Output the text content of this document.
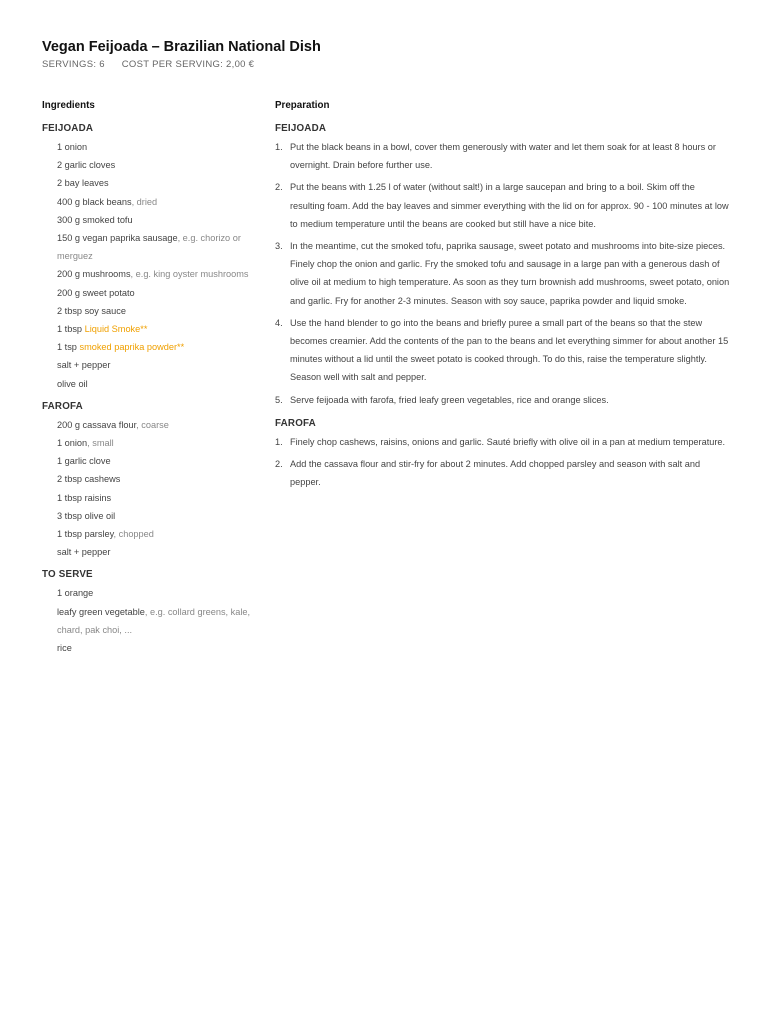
Vegan Feijoada – Brazilian National Dish
SERVINGS: 6 COST PER SERVING: 2,00 €
Ingredients
FEIJOADA
1 onion
2 garlic cloves
2 bay leaves
400 g black beans, dried
300 g smoked tofu
150 g vegan paprika sausage, e.g. chorizo or merguez
200 g mushrooms, e.g. king oyster mushrooms
200 g sweet potato
2 tbsp soy sauce
1 tbsp Liquid Smoke**
1 tsp smoked paprika powder**
salt + pepper
olive oil
FAROFA
200 g cassava flour, coarse
1 onion, small
1 garlic clove
2 tbsp cashews
1 tbsp raisins
3 tbsp olive oil
1 tbsp parsley, chopped
salt + pepper
TO SERVE
1 orange
leafy green vegetable, e.g. collard greens, kale, chard, pak choi, ...
rice
Preparation
FEIJOADA
1. Put the black beans in a bowl, cover them generously with water and let them soak for at least 8 hours or overnight. Drain before further use.
2. Put the beans with 1.25 l of water (without salt!) in a large saucepan and bring to a boil. Skim off the resulting foam. Add the bay leaves and simmer everything with the lid on for approx. 90 - 100 minutes at low to medium temperature until the beans are cooked but still have a nice bite.
3. In the meantime, cut the smoked tofu, paprika sausage, sweet potato and mushrooms into bite-size pieces. Finely chop the onion and garlic. Fry the smoked tofu and sausage in a large pan with a generous dash of olive oil at medium to high temperature. As soon as they turn brownish add mushrooms, sweet potato, onion and garlic. Fry for another 2-3 minutes. Season with soy sauce, paprika powder and liquid smoke.
4. Use the hand blender to go into the beans and briefly puree a small part of the beans so that the stew becomes creamier. Add the contents of the pan to the beans and let everything simmer for about another 15 minutes without a lid until the sweet potato is cooked through. To do this, raise the temperature slightly. Season well with salt and pepper.
5. Serve feijoada with farofa, fried leafy green vegetables, rice and orange slices.
FAROFA
1. Finely chop cashews, raisins, onions and garlic. Sauté briefly with olive oil in a pan at medium temperature.
2. Add the cassava flour and stir-fry for about 2 minutes. Add chopped parsley and season with salt and pepper.
